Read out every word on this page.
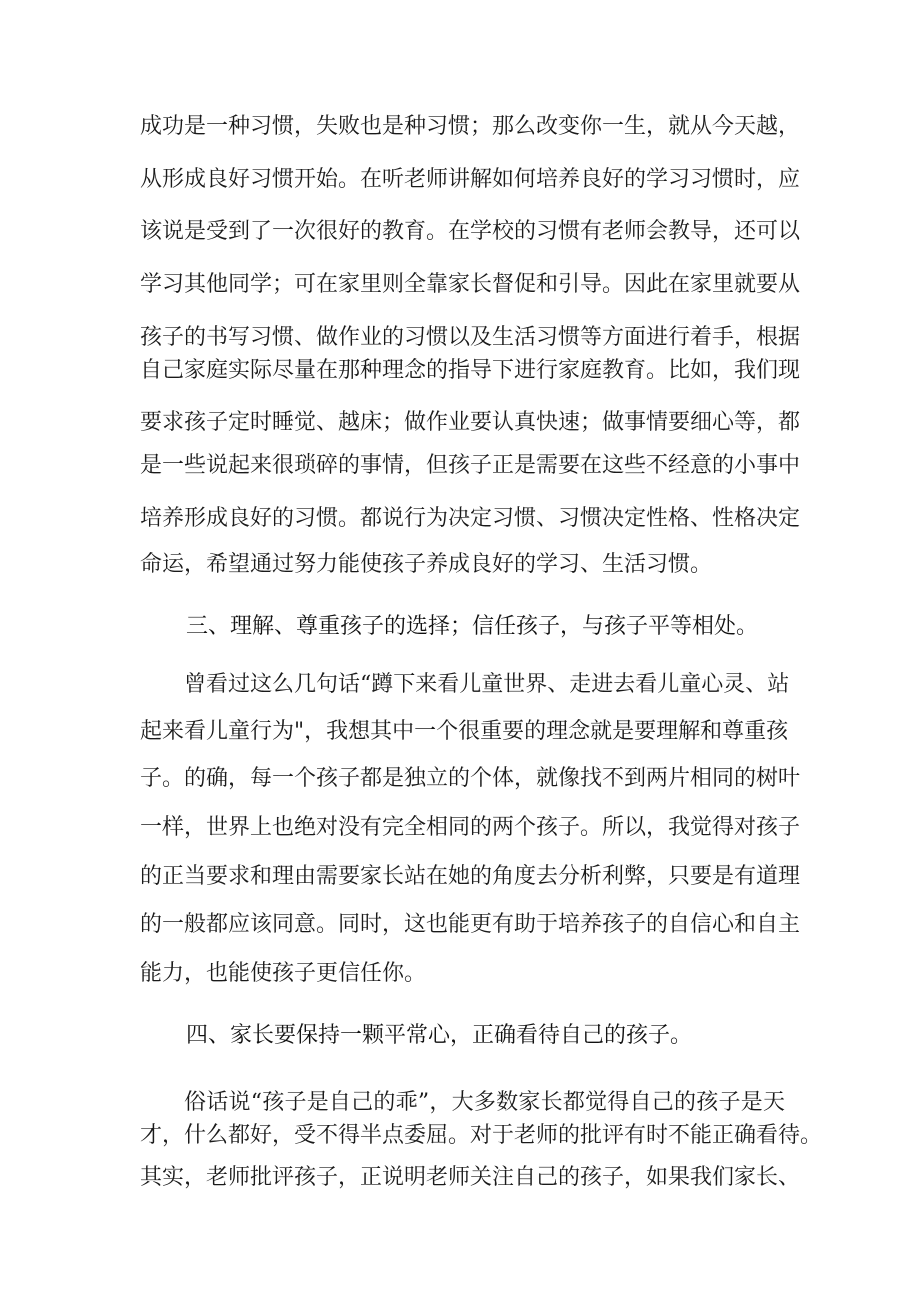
成功是一种习惯，失败也是种习惯；那么改变你一生，就从今天越，
从形成良好习惯开始。在听老师讲解如何培养良好的学习习惯时，应
该说是受到了一次很好的教育。在学校的习惯有老师会教导，还可以
学习其他同学；可在家里则全靠家长督促和引导。因此在家里就要从
孩子的书写习惯、做作业的习惯以及生活习惯等方面进行着手，根据
自己家庭实际尽量在那种理念的指导下进行家庭教育。比如，我们现
要求孩子定时睡觉、越床；做作业要认真快速；做事情要细心等，都
是一些说起来很琐碎的事情，但孩子正是需要在这些不经意的小事中
培养形成良好的习惯。都说行为决定习惯、习惯决定性格、性格决定
命运，希望通过努力能使孩子养成良好的学习、生活习惯。
三、理解、尊重孩子的选择；信任孩子，与孩子平等相处。
曾看过这么几句话“蹲下来看儿童世界、走进去看儿童心灵、站
起来看儿童行为"，我想其中一个很重要的理念就是要理解和尊重孩
子。的确，每一个孩子都是独立的个体，就像找不到两片相同的树叶
一样，世界上也绝对没有完全相同的两个孩子。所以，我觉得对孩子
的正当要求和理由需要家长站在她的角度去分析利弊，只要是有道理
的一般都应该同意。同时，这也能更有助于培养孩子的自信心和自主
能力，也能使孩子更信任你。
四、家长要保持一颗平常心，正确看待自己的孩子。
俗话说“孩子是自己的乖”，大多数家长都觉得自己的孩子是天
才，什么都好，受不得半点委屈。对于老师的批评有时不能正确看待。
其实，老师批评孩子，正说明老师关注自己的孩子，如果我们家长、
